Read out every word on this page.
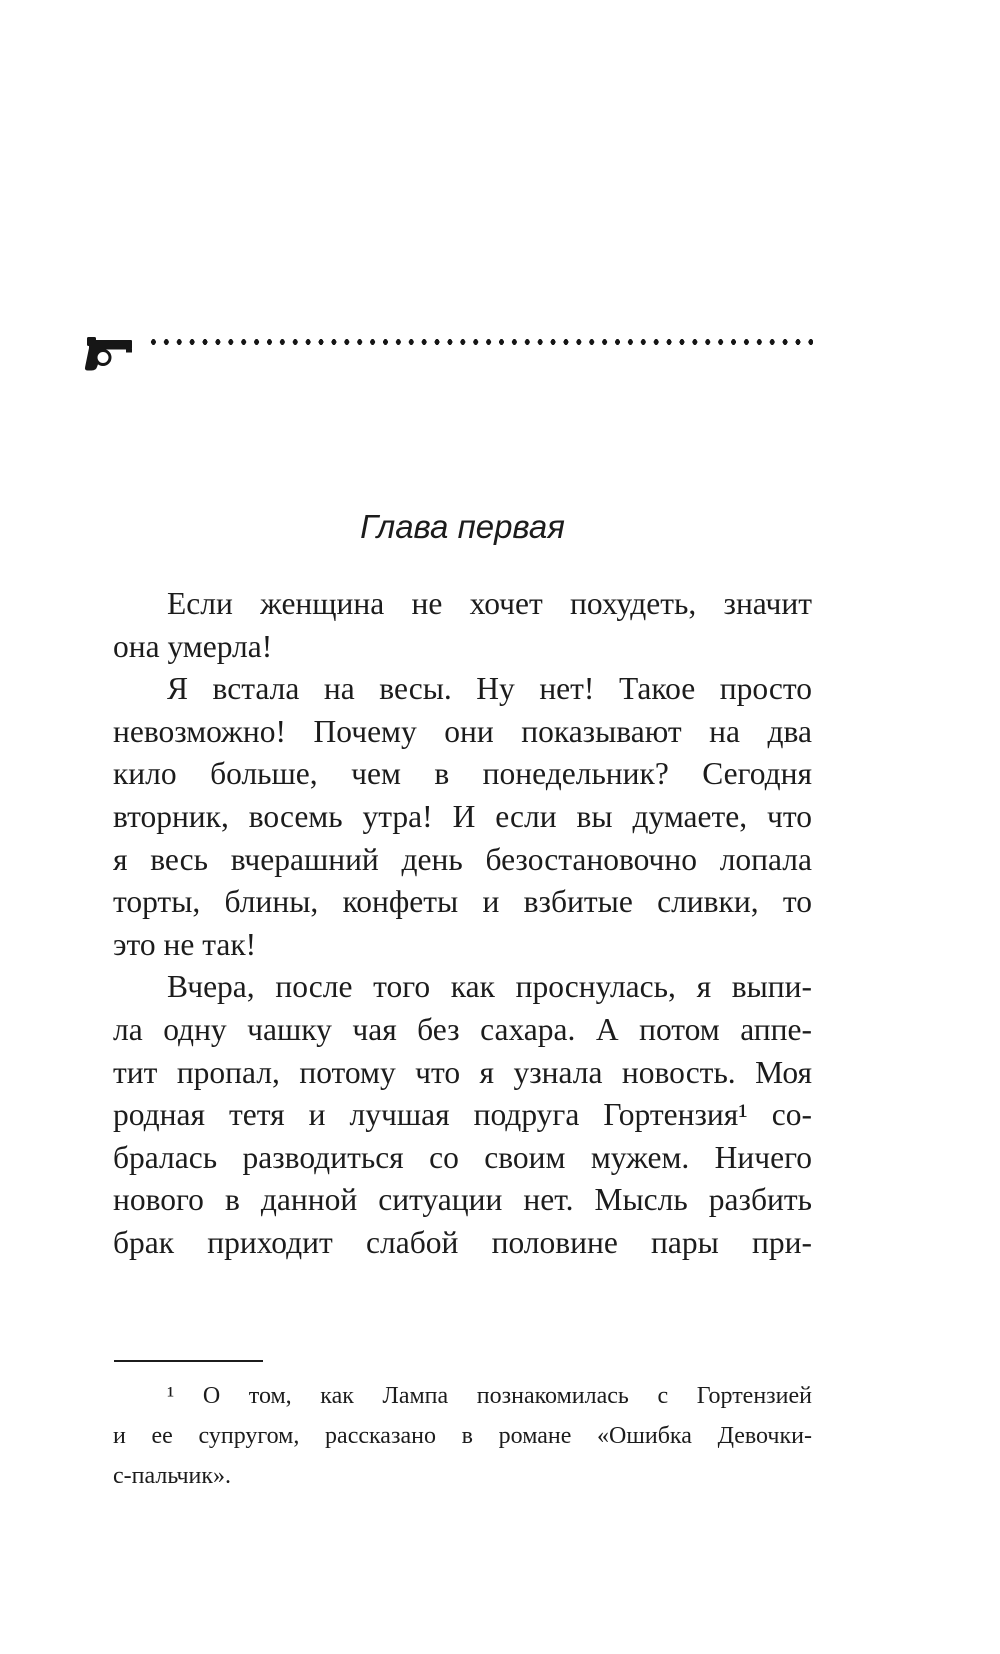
Глава первая
Если женщина не хочет похудеть, значит
она умерла!
Я встала на весы. Ну нет! Такое просто
невозможно! Почему они показывают на два
кило больше, чем в понедельник? Сегодня
вторник, восемь утра! И если вы думаете, что
я весь вчерашний день безостановочно лопала
торты, блины, конфеты и взбитые сливки, то
это не так!
Вчера, после того как проснулась, я выпи-
ла одну чашку чая без сахара. А потом аппе-
тит пропал, потому что я узнала новость. Моя
родная тетя и лучшая подруга Гортензия¹ со-
бралась разводиться со своим мужем. Ничего
нового в данной ситуации нет. Мысль разбить
брак приходит слабой половине пары при-
¹ О том, как Лампа познакомилась с Гортензией
и ее супругом, рассказано в романе «Ошибка Девочки-
с-пальчик».
